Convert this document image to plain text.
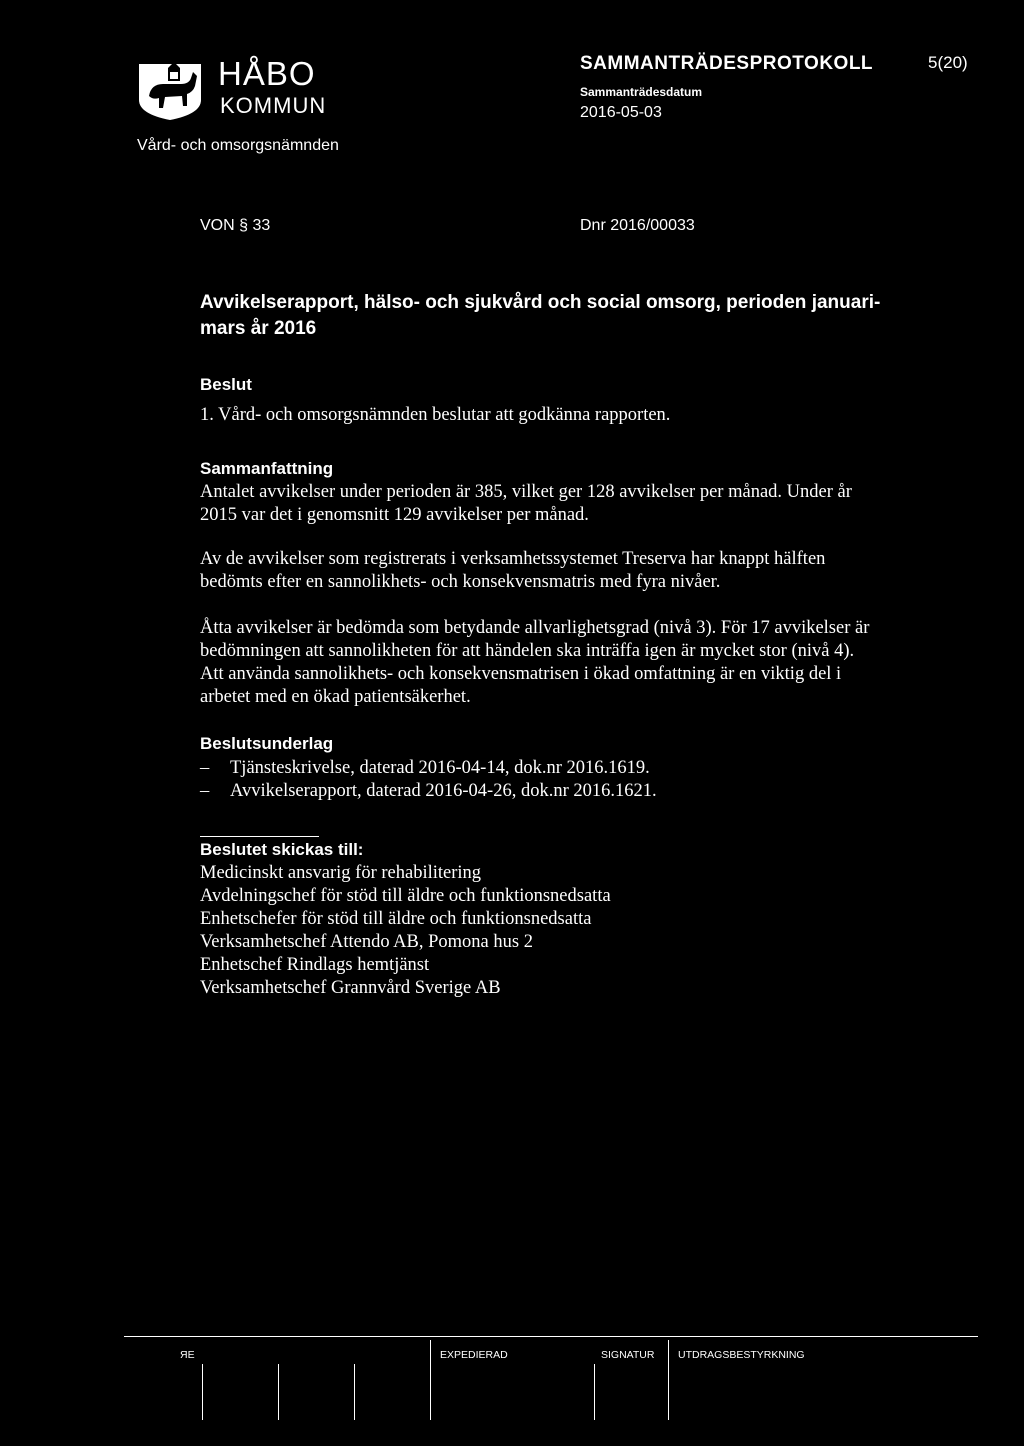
HÅBO
KOMMUN
Vård- och omsorgsnämnden
SAMMANTRÄDESPROTOKOLL
Sammanträdesdatum
2016-05-03
5(20)
VON § 33	Dnr 2016/00033
Avvikelserapport, hälso- och sjukvård och social omsorg, perioden januari-mars år 2016
Beslut

1. Vård- och omsorgsnämnden beslutar att godkänna rapporten.

Sammanfattning

Antalet avvikelser under perioden är 385, vilket ger 128 avvikelser per månad. Under år 2015 var det i genomsnitt 129 avvikelser per månad.

Av de avvikelser som registrerats i verksamhetssystemet Treserva har knappt hälften bedömts efter en sannolikhets- och konsekvensmatris med fyra nivåer.

Åtta avvikelser är bedömda som betydande allvarlighetsgrad (nivå 3). För 17 avvikelser är bedömningen att sannolikheten för att händelen ska inträffa igen är mycket stor (nivå 4). Att använda sannolikhets- och konsekvensmatrisen i ökad omfattning är en viktig del i arbetet med en ökad patientsäkerhet.

Beslutsunderlag
– Tjänsteskrivelse, daterad 2016-04-14, dok.nr 2016.1619.
– Avvikelserapport, daterad 2016-04-26, dok.nr 2016.1621.
Beslutet skickas till:
Medicinskt ansvarig för rehabilitering
Avdelningschef för stöd till äldre och funktionsnedsatta
Enhetschefer för stöd till äldre och funktionsnedsatta
Verksamhetschef Attendo AB, Pomona hus 2
Enhetschef Rindlags hemtjänst
Verksamhetschef Grannvård Sverige AB
ЯE	EXPEDIERAD	SIGNATUR UTDRAGSBESTYRKNING
